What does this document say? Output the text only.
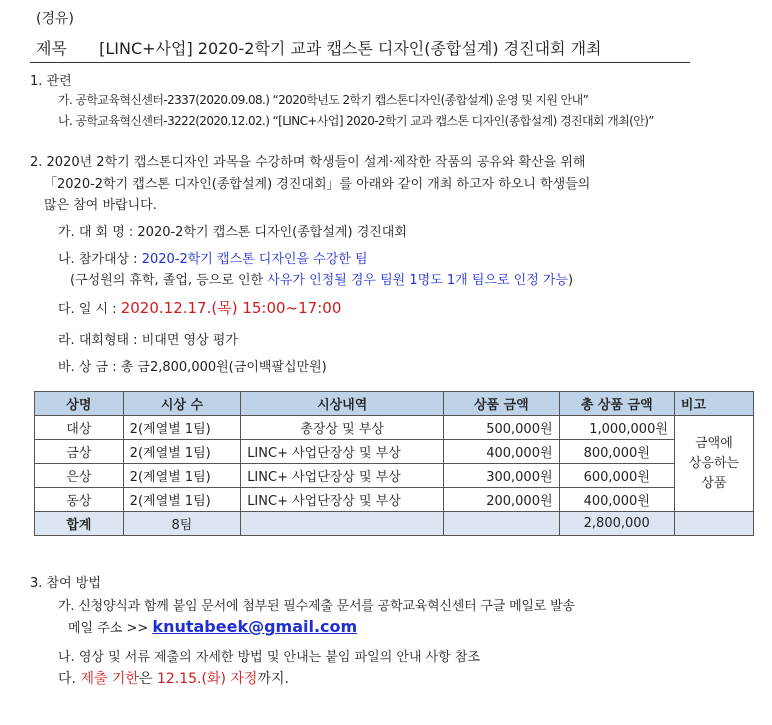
(경유)
제목 [LINC+사업] 2020-2학기 교과 캡스톤 디자인(종합설계) 경진대회 개최
1. 관련
가. 공학교육혁신센터-2337(2020.09.08.) “2020학년도 2학기 캡스톤디자인(종합설계) 운영 및 지원 안내”
나. 공학교육혁신센터-3222(2020.12.02.) “[LINC+사업] 2020-2학기 교과 캡스톤 디자인(종합설계) 경진대회 개최(안)”
2. 2020년 2학기 캡스톤디자인 과목을 수강하며 학생들이 설계·제작한 작품의 공유와 확산을 위해
「2020-2학기 캡스톤 디자인(종합설계) 경진대회」를 아래와 같이 개최 하고자 하오니 학생들의
많은 참여 바랍니다.
가. 대 회 명 : 2020-2학기 캡스톤 디자인(종합설계) 경진대회
나. 참가대상 : 2020-2학기 캡스톤 디자인을 수강한 팀
(구성원의 휴학, 졸업, 등으로 인한 사유가 인정될 경우 팀원 1명도 1개 팀으로 인정 가능)
다. 일 시 : 2020.12.17.(목) 15:00~17:00
라. 대회형태 : 비대면 영상 평가
바. 상 금 : 총 금2,800,000원(금이백팔십만원)
상명	시상 수	시상내역	상품 금액	총 상품 금액	비고
대상	2(계열별 1팀)	총장상 및 부상	500,000원	1,000,000원	금액에 상응하는 상품

금상	2(계열별 1팀)	LINC+ 사업단장상 및 부상	400,000원	800,000원	
은상	2(계열별 1팀)	LINC+ 사업단장상 및 부상	300,000원	600,000원	
동상	2(계열별 1팀)	LINC+ 사업단장상 및 부상	200,000원	400,000원	
합계	8팀			2,800,000	
3. 참여 방법
가. 신청양식과 함께 붙임 문서에 첨부된 필수제출 문서를 공학교육혁신센터 구글 메일로 발송
메일 주소 >> knutabeek@gmail.com
나. 영상 및 서류 제출의 자세한 방법 및 안내는 붙임 파일의 안내 사항 참조
다. 제출 기한은 12.15.(화) 자정까지.
